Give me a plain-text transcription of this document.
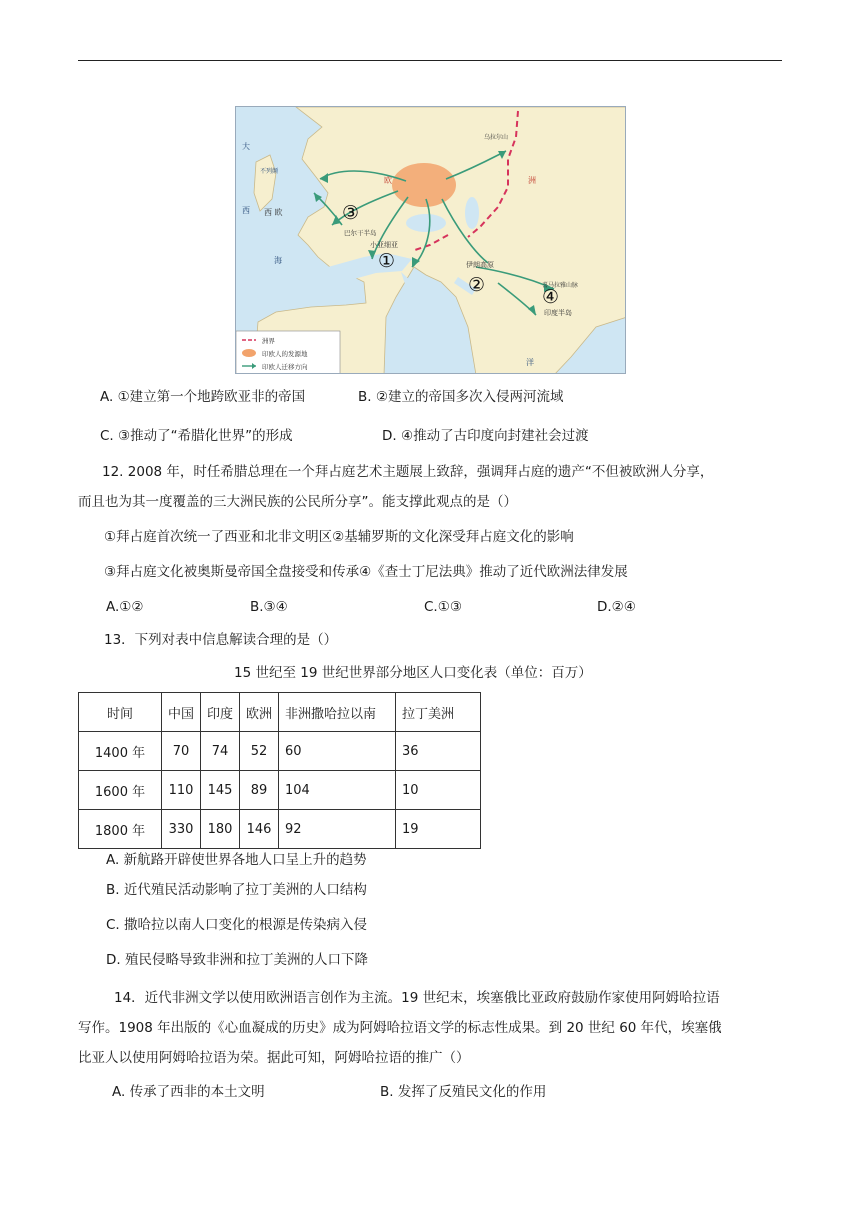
大
不列颠
西 欧
西
巴尔干半岛
小亚细亚
伊朗高原
印度半岛
欧	洲
乌拉尔山
海
洋
喜马拉雅山脉
①
②
③
④
洲界
印欧人的发源地
印欧人迁移方向
A. ①建立第一个地跨欧亚非的帝国	B. ②建立的帝国多次入侵两河流域
C. ③推动了“希腊化世界”的形成	D. ④推动了古印度向封建社会过渡
12. 2008 年，时任希腊总理在一个拜占庭艺术主题展上致辞，强调拜占庭的遗产“不但被欧洲人分享，
而且也为其一度覆盖的三大洲民族的公民所分享”。能支撑此观点的是（）
①拜占庭首次统一了西亚和北非文明区②基辅罗斯的文化深受拜占庭文化的影响
③拜占庭文化被奥斯曼帝国全盘接受和传承④《查士丁尼法典》推动了近代欧洲法律发展
A.①②	B.③④	C.①③	D.②④
13．下列对表中信息解读合理的是（）
15 世纪至 19 世纪世界部分地区人口变化表（单位：百万）
时间	中国	印度	欧洲	非洲撒哈拉以南	拉丁美洲
1400 年	70	74	52	60	36
1600 年	110	145	89	104	10
1800 年	330	180	146	92	19
A. 新航路开辟使世界各地人口呈上升的趋势
B. 近代殖民活动影响了拉丁美洲的人口结构
C. 撒哈拉以南人口变化的根源是传染病入侵
D. 殖民侵略导致非洲和拉丁美洲的人口下降
14．近代非洲文学以使用欧洲语言创作为主流。19 世纪末，埃塞俄比亚政府鼓励作家使用阿姆哈拉语
写作。1908 年出版的《心血凝成的历史》成为阿姆哈拉语文学的标志性成果。到 20 世纪 60 年代，埃塞俄
比亚人以使用阿姆哈拉语为荣。据此可知，阿姆哈拉语的推广（）
A. 传承了西非的本土文明	B. 发挥了反殖民文化的作用
